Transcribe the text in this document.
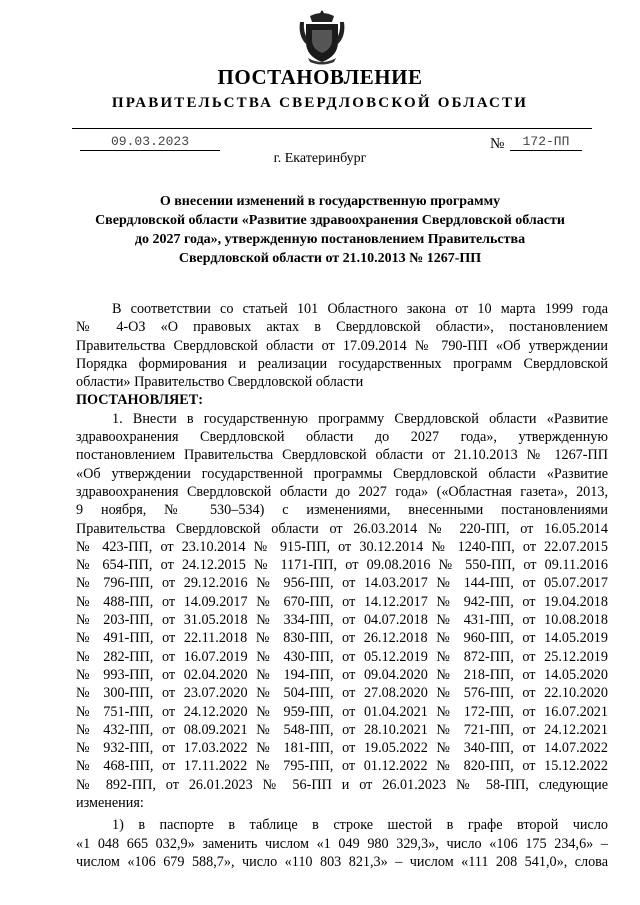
ПОСТАНОВЛЕНИЕ
ПРАВИТЕЛЬСТВА СВЕРДЛОВСКОЙ ОБЛАСТИ
09.03.2023	№	172-ПП
г. Екатеринбург
О внесении изменений в государственную программу
Свердловской области «Развитие здравоохранения Свердловской области
до 2027 года», утвержденную постановлением Правительства
Свердловской области от 21.10.2013 № 1267-ПП
В соответствии со статьей 101 Областного закона от 10 марта 1999 года
№ 4-ОЗ «О правовых актах в Свердловской области», постановлением
Правительства Свердловской области от 17.09.2014 № 790-ПП «Об утверждении
Порядка формирования и реализации государственных программ Свердловской
области» Правительство Свердловской области
ПОСТАНОВЛЯЕТ:
1. Внести в государственную программу Свердловской области «Развитие
здравоохранения Свердловской области до 2027 года», утвержденную
постановлением Правительства Свердловской области от 21.10.2013 № 1267-ПП
«Об утверждении государственной программы Свердловской области «Развитие
здравоохранения Свердловской области до 2027 года» («Областная газета», 2013,
9 ноября, № 530–534) с изменениями, внесенными постановлениями
Правительства Свердловской области от 26.03.2014 № 220-ПП, от 16.05.2014
№ 423-ПП, от 23.10.2014 № 915-ПП, от 30.12.2014 № 1240-ПП, от 22.07.2015
№ 654-ПП, от 24.12.2015 № 1171-ПП, от 09.08.2016 № 550-ПП, от 09.11.2016
№ 796-ПП, от 29.12.2016 № 956-ПП, от 14.03.2017 № 144-ПП, от 05.07.2017
№ 488-ПП, от 14.09.2017 № 670-ПП, от 14.12.2017 № 942-ПП, от 19.04.2018
№ 203-ПП, от 31.05.2018 № 334-ПП, от 04.07.2018 № 431-ПП, от 10.08.2018
№ 491-ПП, от 22.11.2018 № 830-ПП, от 26.12.2018 № 960-ПП, от 14.05.2019
№ 282-ПП, от 16.07.2019 № 430-ПП, от 05.12.2019 № 872-ПП, от 25.12.2019
№ 993-ПП, от 02.04.2020 № 194-ПП, от 09.04.2020 № 218-ПП, от 14.05.2020
№ 300-ПП, от 23.07.2020 № 504-ПП, от 27.08.2020 № 576-ПП, от 22.10.2020
№ 751-ПП, от 24.12.2020 № 959-ПП, от 01.04.2021 № 172-ПП, от 16.07.2021
№ 432-ПП, от 08.09.2021 № 548-ПП, от 28.10.2021 № 721-ПП, от 24.12.2021
№ 932-ПП, от 17.03.2022 № 181-ПП, от 19.05.2022 № 340-ПП, от 14.07.2022
№ 468-ПП, от 17.11.2022 № 795-ПП, от 01.12.2022 № 820-ПП, от 15.12.2022
№ 892-ПП, от 26.01.2023 № 56-ПП и от 26.01.2023 № 58-ПП, следующие
изменения:
1) в паспорте в таблице в строке шестой в графе второй число
«1 048 665 032,9» заменить числом «1 049 980 329,3», число «106 175 234,6» –
числом «106 679 588,7», число «110 803 821,3» – числом «111 208 541,0», слова
